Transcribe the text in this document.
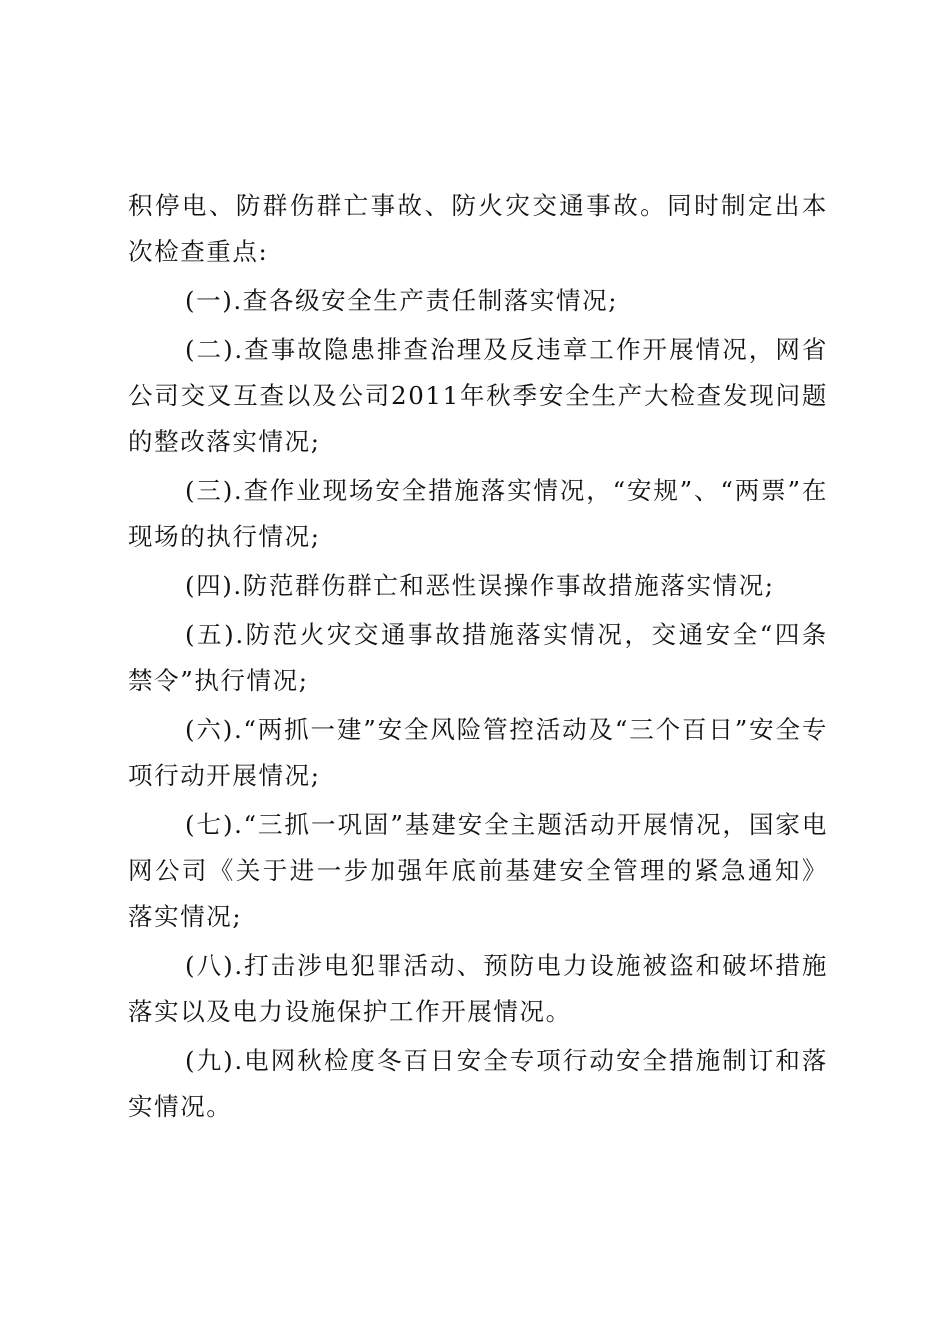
积停电、防群伤群亡事故、防火灾交通事故。同时制定出本次检查重点:

(一).查各级安全生产责任制落实情况;

(二).查事故隐患排查治理及反违章工作开展情况，网省公司交叉互查以及公司2011年秋季安全生产大检查发现问题的整改落实情况;

(三).查作业现场安全措施落实情况，“安规”、“两票”在现场的执行情况;

(四).防范群伤群亡和恶性误操作事故措施落实情况;

(五).防范火灾交通事故措施落实情况，交通安全“四条禁令”执行情况;

(六).“两抓一建”安全风险管控活动及“三个百日”安全专项行动开展情况;

(七).“三抓一巩固”基建安全主题活动开展情况，国家电网公司《关于进一步加强年底前基建安全管理的紧急通知》落实情况;

(八).打击涉电犯罪活动、预防电力设施被盗和破坏措施落实以及电力设施保护工作开展情况。

(九).电网秋检度冬百日安全专项行动安全措施制订和落实情况。
